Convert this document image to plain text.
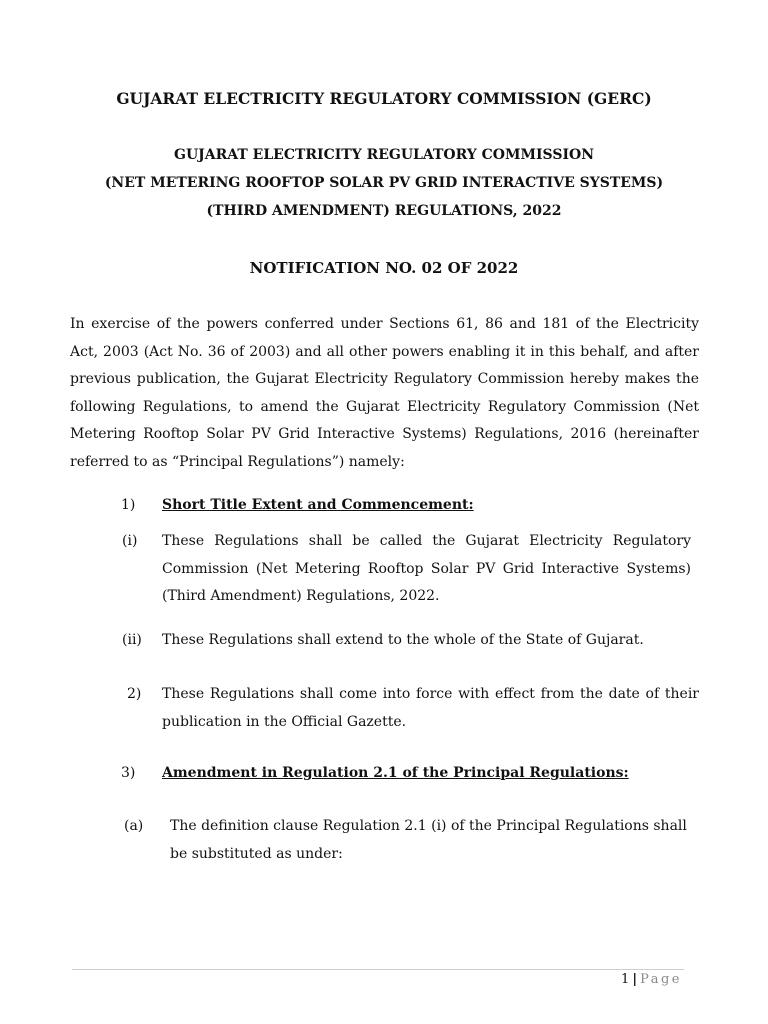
GUJARAT ELECTRICITY REGULATORY COMMISSION (GERC)
GUJARAT ELECTRICITY REGULATORY COMMISSION
(NET METERING ROOFTOP SOLAR PV GRID INTERACTIVE SYSTEMS)
(THIRD AMENDMENT) REGULATIONS, 2022
NOTIFICATION NO. 02 OF 2022
In exercise of the powers conferred under Sections 61, 86 and 181 of the Electricity Act, 2003 (Act No. 36 of 2003) and all other powers enabling it in this behalf, and after previous publication, the Gujarat Electricity Regulatory Commission hereby makes the following Regulations, to amend the Gujarat Electricity Regulatory Commission (Net Metering Rooftop Solar PV Grid Interactive Systems) Regulations, 2016 (hereinafter referred to as “Principal Regulations”) namely:
1) Short Title Extent and Commencement:
(i) These Regulations shall be called the Gujarat Electricity Regulatory Commission (Net Metering Rooftop Solar PV Grid Interactive Systems) (Third Amendment) Regulations, 2022.
(ii) These Regulations shall extend to the whole of the State of Gujarat.
2) These Regulations shall come into force with effect from the date of their publication in the Official Gazette.
3) Amendment in Regulation 2.1 of the Principal Regulations:
(a) The definition clause Regulation 2.1 (i) of the Principal Regulations shall be substituted as under:
1 | Page
